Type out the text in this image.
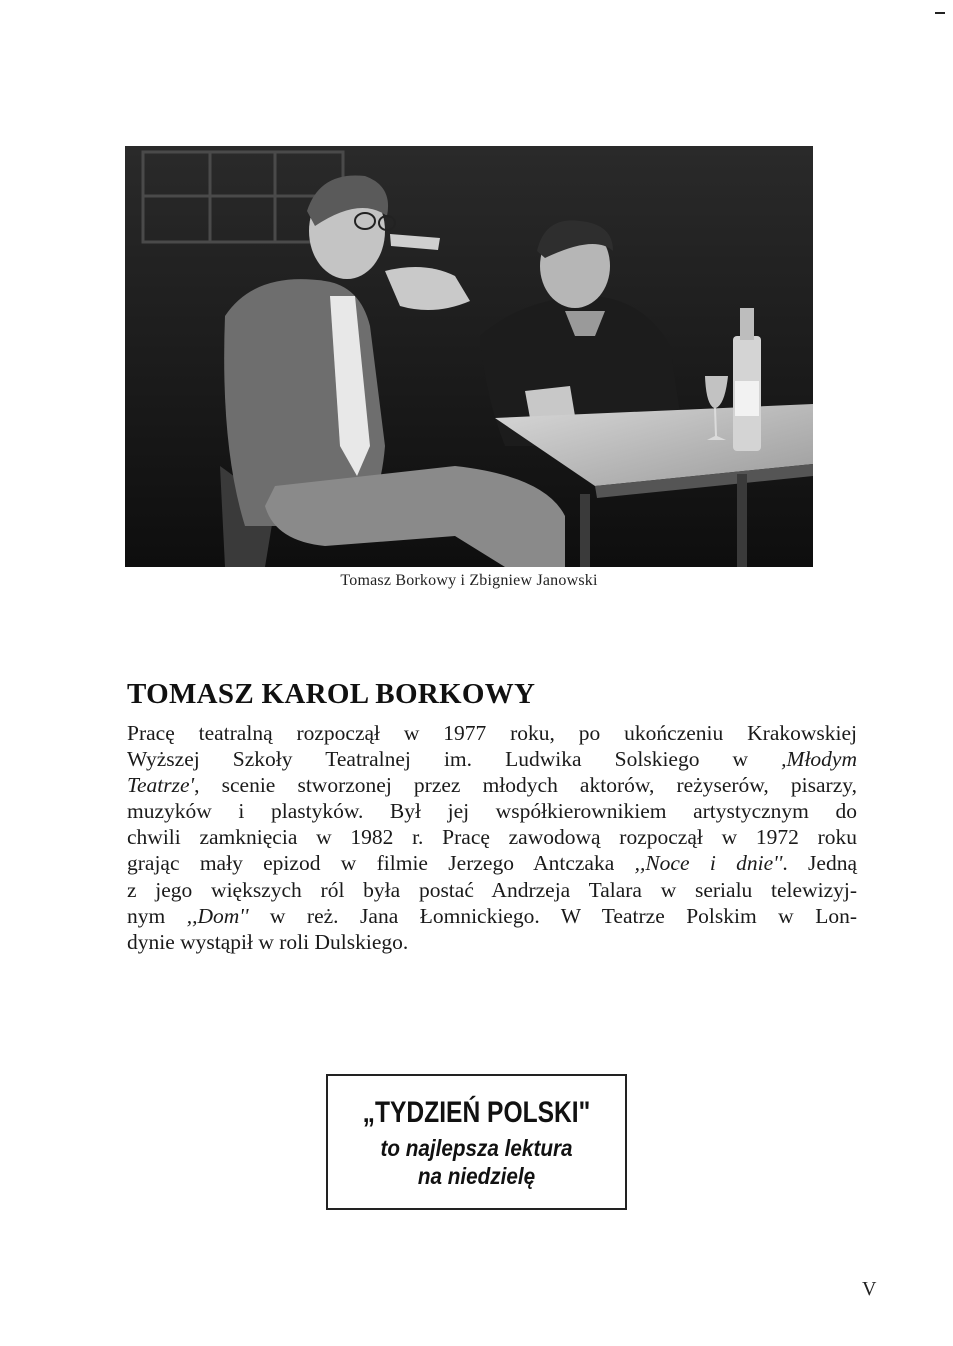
Tomasz Borkowy i Zbigniew Janowski
TOMASZ KAROL BORKOWY
Pracę teatralną rozpoczął w 1977 roku, po ukończeniu Krakowskiej
Wyższej Szkoły Teatralnej im. Ludwika Solskiego w ,Młodym
Teatrze', scenie stworzonej przez młodych aktorów, reżyserów, pisarzy,
muzyków i plastyków. Był jej współkierownikiem artystycznym do
chwili zamknięcia w 1982 r. Pracę zawodową rozpoczął w 1972 roku
grając mały epizod w filmie Jerzego Antczaka ,,Noce i dnie''. Jedną
z jego większych ról była postać Andrzeja Talara w serialu telewizyj-
nym ,,Dom'' w reż. Jana Łomnickiego. W Teatrze Polskim w Lon-
dynie wystąpił w roli Dulskiego.
„TYDZIEŃ POLSKI"
to najlepsza lektura
na niedzielę
V
